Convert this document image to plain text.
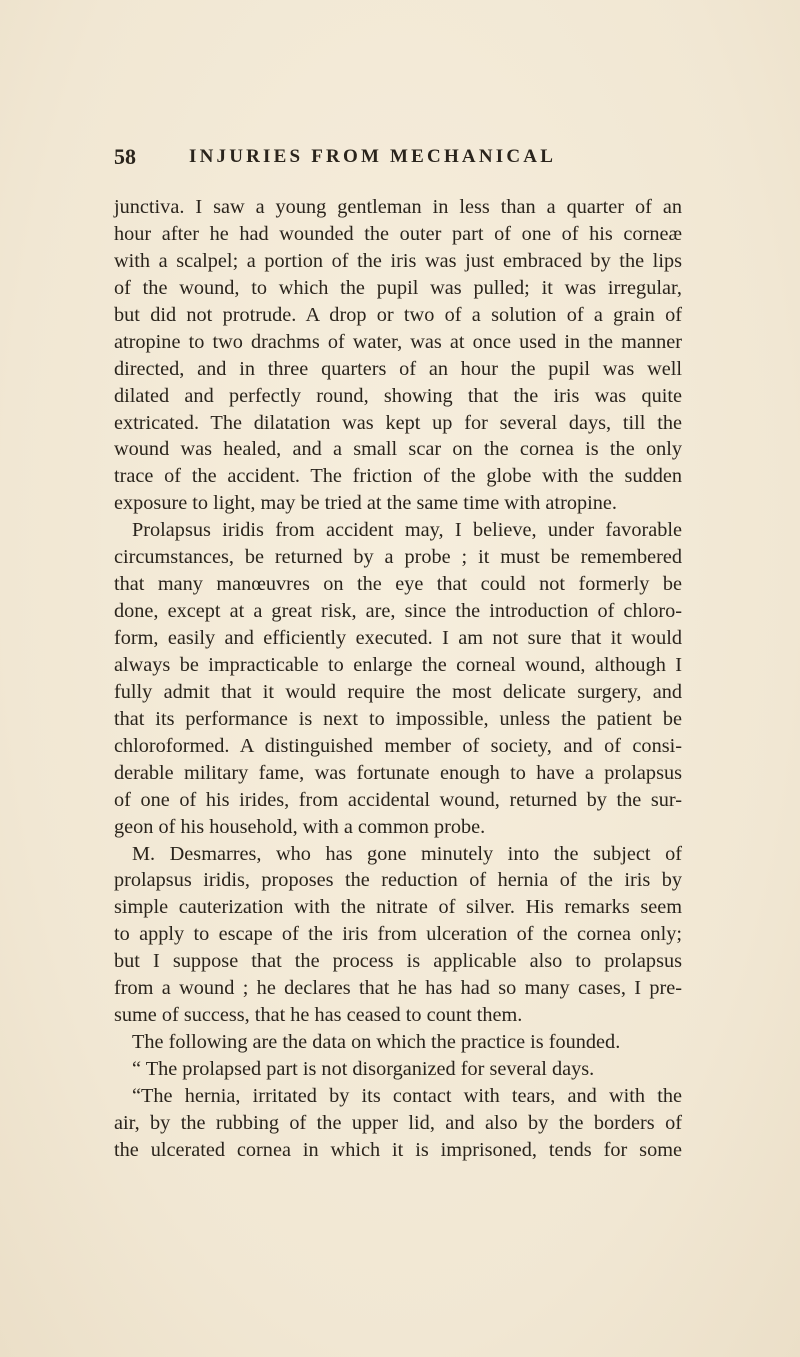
58	INJURIES FROM MECHANICAL
junctiva. I saw a young gentleman in less than a quarter of an
hour after he had wounded the outer part of one of his corneæ
with a scalpel; a portion of the iris was just embraced by the lips
of the wound, to which the pupil was pulled; it was irregular,
but did not protrude. A drop or two of a solution of a grain of
atropine to two drachms of water, was at once used in the manner
directed, and in three quarters of an hour the pupil was well
dilated and perfectly round, showing that the iris was quite
extricated. The dilatation was kept up for several days, till the
wound was healed, and a small scar on the cornea is the only
trace of the accident. The friction of the globe with the sudden
exposure to light, may be tried at the same time with atropine.
Prolapsus iridis from accident may, I believe, under favorable
circumstances, be returned by a probe ; it must be remembered
that many manœuvres on the eye that could not formerly be
done, except at a great risk, are, since the introduction of chloro-
form, easily and efficiently executed. I am not sure that it would
always be impracticable to enlarge the corneal wound, although I
fully admit that it would require the most delicate surgery, and
that its performance is next to impossible, unless the patient be
chloroformed. A distinguished member of society, and of consi-
derable military fame, was fortunate enough to have a prolapsus
of one of his irides, from accidental wound, returned by the sur-
geon of his household, with a common probe.
M. Desmarres, who has gone minutely into the subject of
prolapsus iridis, proposes the reduction of hernia of the iris by
simple cauterization with the nitrate of silver. His remarks seem
to apply to escape of the iris from ulceration of the cornea only;
but I suppose that the process is applicable also to prolapsus
from a wound ; he declares that he has had so many cases, I pre-
sume of success, that he has ceased to count them.
The following are the data on which the practice is founded.
“ The prolapsed part is not disorganized for several days.
“The hernia, irritated by its contact with tears, and with the
air, by the rubbing of the upper lid, and also by the borders of
the ulcerated cornea in which it is imprisoned, tends for some
